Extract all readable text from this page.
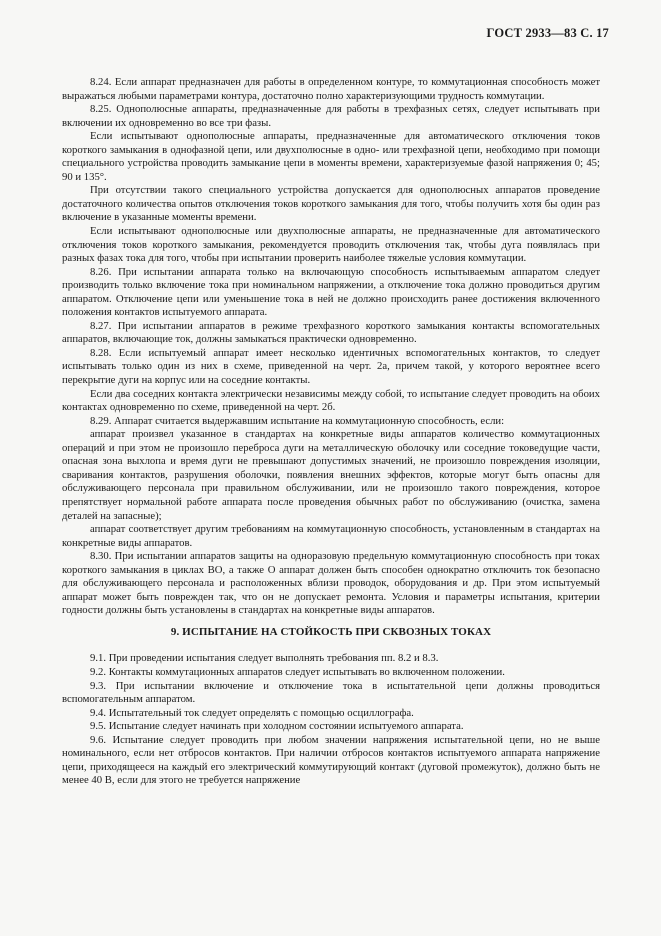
ГОСТ 2933—83 С. 17

8.24. Если аппарат предназначен для работы в определенном контуре, то коммутационная способность может выражаться любыми параметрами контура, достаточно полно характеризующими трудность коммутации.

8.25. Однополюсные аппараты, предназначенные для работы в трехфазных сетях, следует испытывать при включении их одновременно во все три фазы.

Если испытывают однополюсные аппараты, предназначенные для автоматического отключения токов короткого замыкания в однофазной цепи, или двухполюсные в одно- или трехфазной цепи, необходимо при помощи специального устройства проводить замыкание цепи в моменты времени, характеризуемые фазой напряжения 0; 45; 90 и 135°.

При отсутствии такого специального устройства допускается для однополюсных аппаратов проведение достаточного количества опытов отключения токов короткого замыкания для того, чтобы получить хотя бы один раз включение в указанные моменты времени.

Если испытывают однополюсные или двухполюсные аппараты, не предназначенные для автоматического отключения токов короткого замыкания, рекомендуется проводить отключения так, чтобы дуга появлялась при разных фазах тока для того, чтобы при испытании проверить наиболее тяжелые условия коммутации.

8.26. При испытании аппарата только на включающую способность испытываемым аппаратом следует производить только включение тока при номинальном напряжении, а отключение тока должно проводиться другим аппаратом. Отключение цепи или уменьшение тока в ней не должно происходить ранее достижения включенного положения контактов испытуемого аппарата.

8.27. При испытании аппаратов в режиме трехфазного короткого замыкания контакты вспомогательных аппаратов, включающие ток, должны замыкаться практически одновременно.

8.28. Если испытуемый аппарат имеет несколько идентичных вспомогательных контактов, то следует испытывать только один из них в схеме, приведенной на черт. 2а, причем такой, у которого вероятнее всего перекрытие дуги на корпус или на соседние контакты.

Если два соседних контакта электрически независимы между собой, то испытание следует проводить на обоих контактах одновременно по схеме, приведенной на черт. 2б.

8.29. Аппарат считается выдержавшим испытание на коммутационную способность, если:

аппарат произвел указанное в стандартах на конкретные виды аппаратов количество коммутационных операций и при этом не произошло переброса дуги на металлическую оболочку или соседние токоведущие части, опасная зона выхлопа и время дуги не превышают допустимых значений, не произошло повреждения изоляции, сваривания контактов, разрушения оболочки, появления внешних эффектов, которые могут быть опасны для обслуживающего персонала при правильном обслуживании, или не произошло такого повреждения, которое препятствует нормальной работе аппарата после проведения обычных работ по обслуживанию (очистка, замена деталей на запасные);

аппарат соответствует другим требованиям на коммутационную способность, установленным в стандартах на конкретные виды аппаратов.

8.30. При испытании аппаратов защиты на одноразовую предельную коммутационную способность при токах короткого замыкания в циклах ВО, а также О аппарат должен быть способен однократно отключить ток безопасно для обслуживающего персонала и расположенных вблизи проводок, оборудования и др. При этом испытуемый аппарат может быть поврежден так, что он не допускает ремонта. Условия и параметры испытания, критерии годности должны быть установлены в стандартах на конкретные виды аппаратов.

9. ИСПЫТАНИЕ НА СТОЙКОСТЬ ПРИ СКВОЗНЫХ ТОКАХ

9.1. При проведении испытания следует выполнять требования пп. 8.2 и 8.3.

9.2. Контакты коммутационных аппаратов следует испытывать во включенном положении.

9.3. При испытании включение и отключение тока в испытательной цепи должны проводиться вспомогательным аппаратом.

9.4. Испытательный ток следует определять с помощью осциллографа.

9.5. Испытание следует начинать при холодном состоянии испытуемого аппарата.

9.6. Испытание следует проводить при любом значении напряжения испытательной цепи, но не выше номинального, если нет отбросов контактов. При наличии отбросов контактов испытуемого аппарата напряжение цепи, приходящееся на каждый его электрический коммутирующий контакт (дуговой промежуток), должно быть не менее 40 В, если для этого не требуется напряжение
